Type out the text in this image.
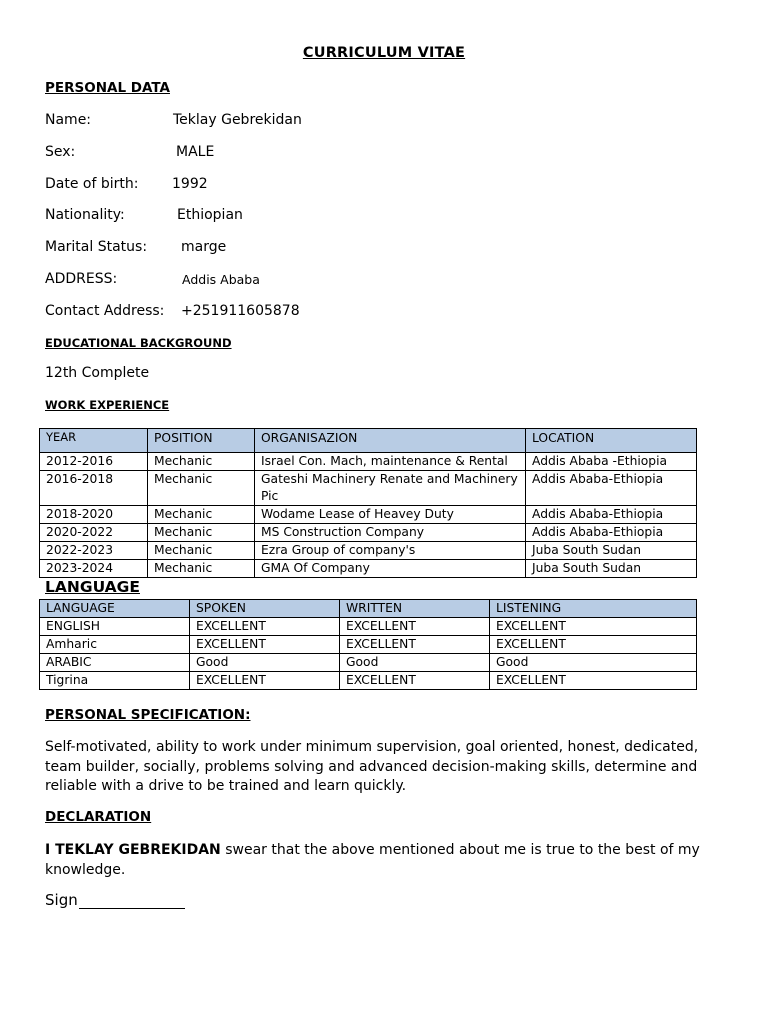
CURRICULUM VITAE
PERSONAL DATA
Name:	Teklay Gebrekidan
Sex:	MALE
Date of birth: 1992
Nationality:	Ethiopian
Marital Status: marge
ADDRESS:	Addis Ababa
Contact Address: +251911605878
EDUCATIONAL BACKGROUND
12th Complete
WORK EXPERIENCE
YEAR	POSITION	ORGANISAZION	LOCATION
2012-2016	Mechanic	Israel Con. Mach, maintenance & Rental	Addis Ababa -Ethiopia
2016-2018	Mechanic	Gateshi Machinery Renate and Machinery Pic	Addis Ababa-Ethiopia
2018-2020	Mechanic	Wodame Lease of Heavey Duty	Addis Ababa-Ethiopia
2020-2022	Mechanic	MS Construction Company	Addis Ababa-Ethiopia
2022-2023	Mechanic	Ezra Group of company's	Juba South Sudan
2023-2024	Mechanic	GMA Of Company	Juba South Sudan
LANGUAGE
LANGUAGE	SPOKEN	WRITTEN	LISTENING
ENGLISH	EXCELLENT	EXCELLENT	EXCELLENT
Amharic	EXCELLENT	EXCELLENT	EXCELLENT
ARABIC	Good	Good	Good
Tigrina	EXCELLENT	EXCELLENT	EXCELLENT
PERSONAL SPECIFICATION:
Self-motivated, ability to work under minimum supervision, goal oriented, honest, dedicated, team builder, socially, problems solving and advanced decision-making skills, determine and reliable with a drive to be trained and learn quickly.
DECLARATION
I TEKLAY GEBREKIDAN swear that the above mentioned about me is true to the best of my knowledge.
Sign
